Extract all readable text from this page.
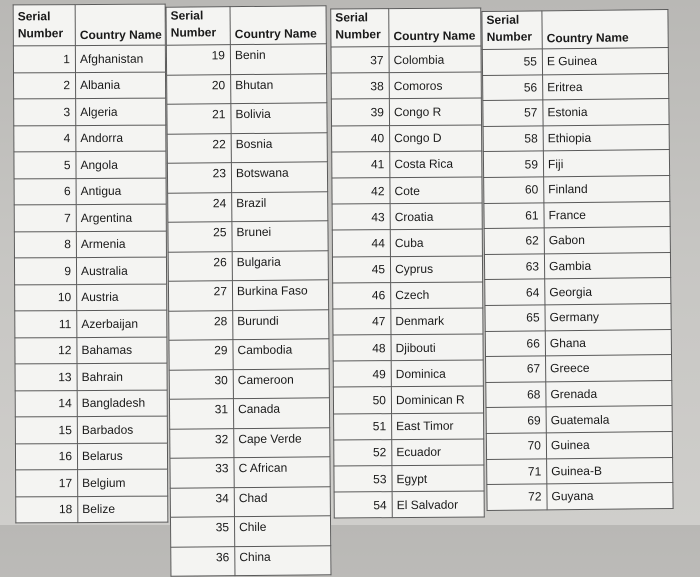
Serial
Number	Country Name
1	Afghanistan
2	Albania
3	Algeria
4	Andorra
5	Angola
6	Antigua
7	Argentina
8	Armenia
9	Australia
10	Austria
11	Azerbaijan
12	Bahamas
13	Bahrain
14	Bangladesh
15	Barbados
16	Belarus
17	Belgium
18	Belize
Serial
Number	Country Name
19	Benin
20	Bhutan
21	Bolivia
22	Bosnia
23	Botswana
24	Brazil
25	Brunei
26	Bulgaria
27	Burkina Faso
28	Burundi
29	Cambodia
30	Cameroon
31	Canada
32	Cape Verde
33	C African
34	Chad
35	Chile
36	China
Serial
Number	Country Name
37	Colombia
38	Comoros
39	Congo R
40	Congo D
41	Costa Rica
42	Cote
43	Croatia
44	Cuba
45	Cyprus
46	Czech
47	Denmark
48	Djibouti
49	Dominica
50	Dominican R
51	East Timor
52	Ecuador
53	Egypt
54	El Salvador
Serial
Number	Country Name
55	E Guinea
56	Eritrea
57	Estonia
58	Ethiopia
59	Fiji
60	Finland
61	France
62	Gabon
63	Gambia
64	Georgia
65	Germany
66	Ghana
67	Greece
68	Grenada
69	Guatemala
70	Guinea
71	Guinea-B
72	Guyana
